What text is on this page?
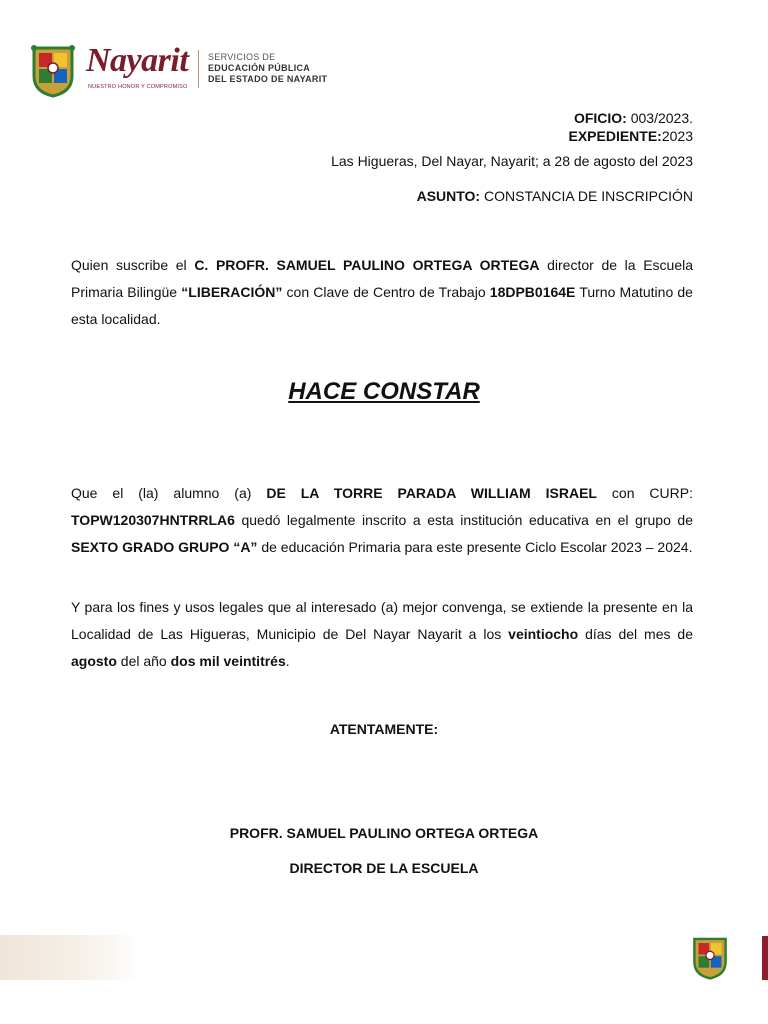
Nayarit
NUESTRO HONOR Y COMPROMISO
SERVICIOS DE
EDUCACIÓN PÚBLICA
DEL ESTADO DE NAYARIT
OFICIO: 003/2023.
EXPEDIENTE:2023
Las Higueras, Del Nayar, Nayarit; a 28 de agosto del 2023
ASUNTO: CONSTANCIA DE INSCRIPCIÓN
Quien suscribe el C. PROFR. SAMUEL PAULINO ORTEGA ORTEGA director de la Escuela Primaria Bilingüe “LIBERACIÓN” con Clave de Centro de Trabajo 18DPB0164E Turno Matutino de esta localidad.
HACE CONSTAR
Que el (la) alumno (a) DE LA TORRE PARADA WILLIAM ISRAEL con CURP: TOPW120307HNTRRLA6 quedó legalmente inscrito a esta institución educativa en el grupo de SEXTO GRADO GRUPO “A” de educación Primaria para este presente Ciclo Escolar 2023 – 2024.
Y para los fines y usos legales que al interesado (a) mejor convenga, se extiende la presente en la Localidad de Las Higueras, Municipio de Del Nayar Nayarit a los veintiocho días del mes de agosto del año dos mil veintitrés.
ATENTAMENTE:
PROFR. SAMUEL PAULINO ORTEGA ORTEGA
DIRECTOR DE LA ESCUELA
